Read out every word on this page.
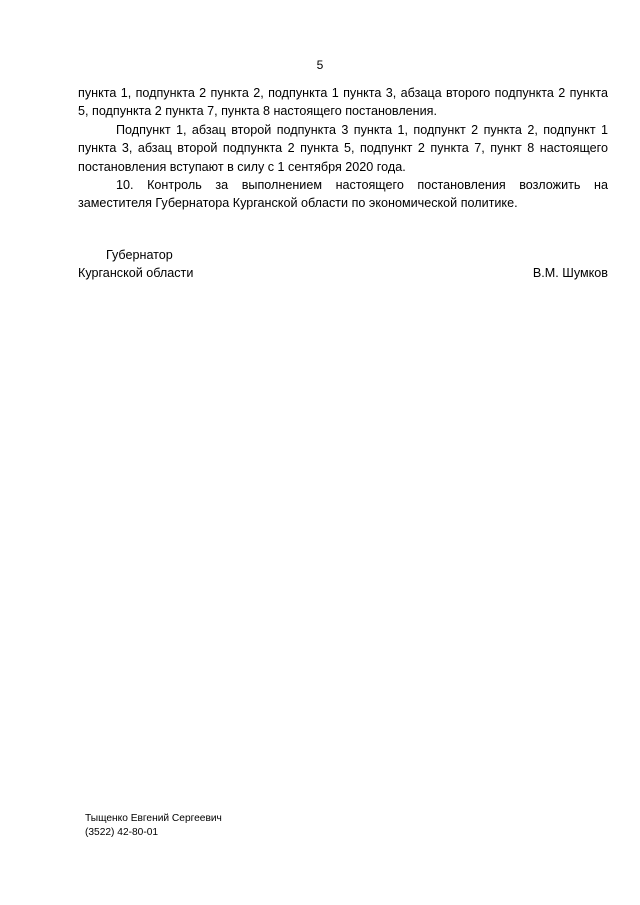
5

пункта 1, подпункта 2 пункта 2, подпункта 1 пункта 3, абзаца второго подпункта 2 пункта 5, подпункта 2 пункта 7, пункта 8 настоящего постановления.

Подпункт 1, абзац второй подпункта 3 пункта 1, подпункт 2 пункта 2, подпункт 1 пункта 3, абзац второй подпункта 2 пункта 5, подпункт 2 пункта 7, пункт 8 настоящего постановления вступают в силу с 1 сентября 2020 года.

10. Контроль за выполнением настоящего постановления возложить на заместителя Губернатора Курганской области по экономической политике.

Губернатор
Курганской области	В.М. Шумков
Тыщенко Евгений Сергеевич
(3522) 42-80-01
